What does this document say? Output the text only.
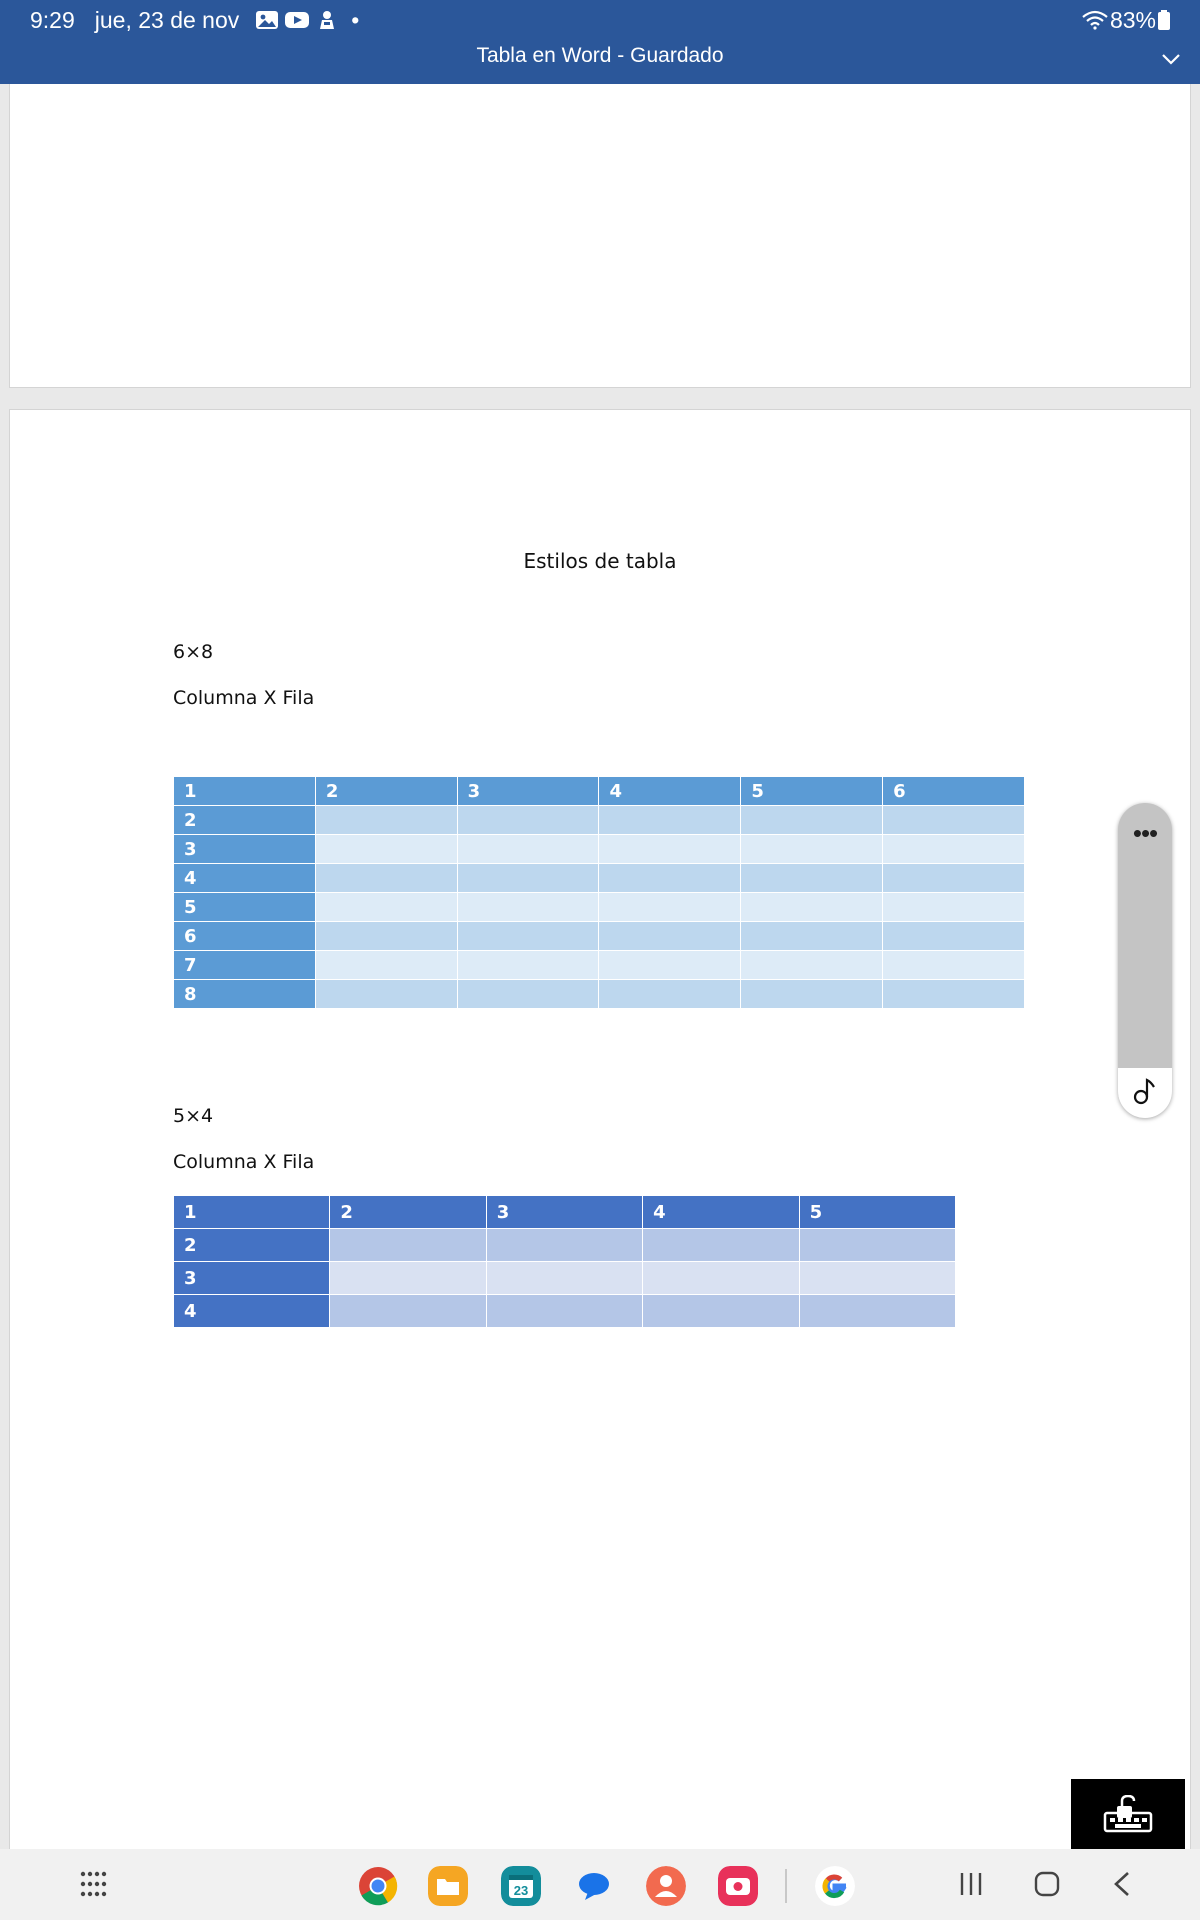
9:29 jue, 23 de nov	•	83%
Tabla en Word - Guardado
Estilos de tabla
6×8
Columna X Fila
1	2	3	4	5	6
2					
3					
4					
5					
6					
7					
8					
5×4
Columna X Fila
1	2	3	4	5
2				
3				
4				
•••
23
